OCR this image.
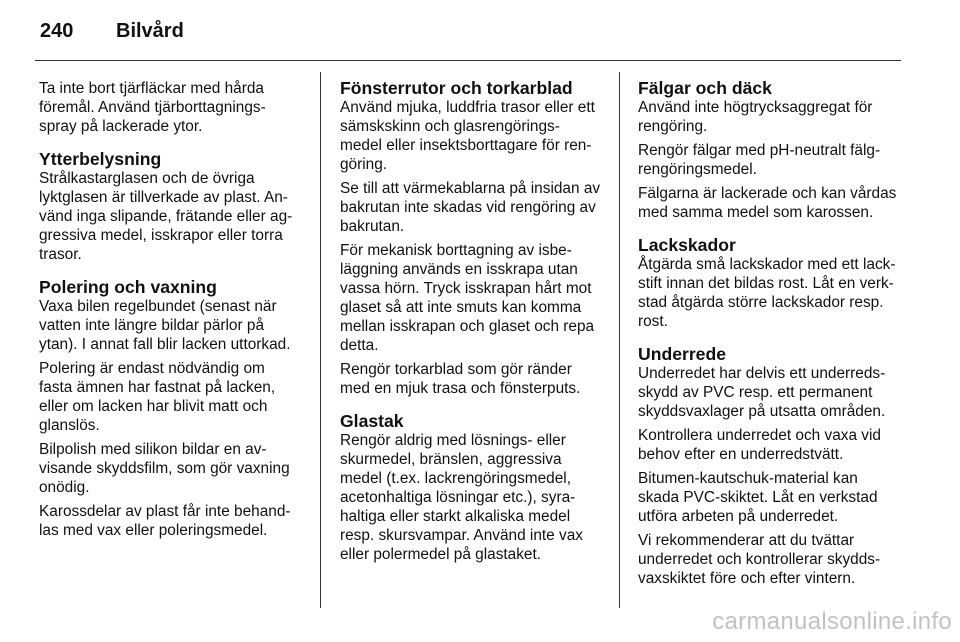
240 Bilvård
Ta inte bort tjärfläckar med hårda
föremål. Använd tjärborttagnings-
spray på lackerade ytor.
Ytterbelysning
Strålkastarglasen och de övriga
lyktglasen är tillverkade av plast. An-
vänd inga slipande, frätande eller ag-
gressiva medel, isskrapor eller torra
trasor.
Polering och vaxning
Vaxa bilen regelbundet (senast när
vatten inte längre bildar pärlor på
ytan). I annat fall blir lacken uttorkad.
Polering är endast nödvändig om
fasta ämnen har fastnat på lacken,
eller om lacken har blivit matt och
glanslös.
Bilpolish med silikon bildar en av-
visande skyddsfilm, som gör vaxning
onödig.
Karossdelar av plast får inte behand-
las med vax eller poleringsmedel.
Fönsterrutor och torkarblad
Använd mjuka, luddfria trasor eller ett
sämskskinn och glasrengörings-
medel eller insektsborttagare för ren-
göring.
Se till att värmekablarna på insidan av
bakrutan inte skadas vid rengöring av
bakrutan.
För mekanisk borttagning av isbe-
läggning används en isskrapa utan
vassa hörn. Tryck isskrapan hårt mot
glaset så att inte smuts kan komma
mellan isskrapan och glaset och repa
detta.
Rengör torkarblad som gör ränder
med en mjuk trasa och fönsterputs.
Glastak
Rengör aldrig med lösnings- eller
skurmedel, bränslen, aggressiva
medel (t.ex. lackrengöringsmedel,
acetonhaltiga lösningar etc.), syra-
haltiga eller starkt alkaliska medel
resp. skursvampar. Använd inte vax
eller polermedel på glastaket.
Fälgar och däck
Använd inte högtrycksaggregat för
rengöring.
Rengör fälgar med pH-neutralt fälg-
rengöringsmedel.
Fälgarna är lackerade och kan vårdas
med samma medel som karossen.
Lackskador
Åtgärda små lackskador med ett lack-
stift innan det bildas rost. Låt en verk-
stad åtgärda större lackskador resp.
rost.
Underrede
Underredet har delvis ett underreds-
skydd av PVC resp. ett permanent
skyddsvaxlager på utsatta områden.
Kontrollera underredet och vaxa vid
behov efter en underredstvätt.
Bitumen-kautschuk-material kan
skada PVC-skiktet. Låt en verkstad
utföra arbeten på underredet.
Vi rekommenderar att du tvättar
underredet och kontrollerar skydds-
vaxskiktet före och efter vintern.
carmanualsonline.info
